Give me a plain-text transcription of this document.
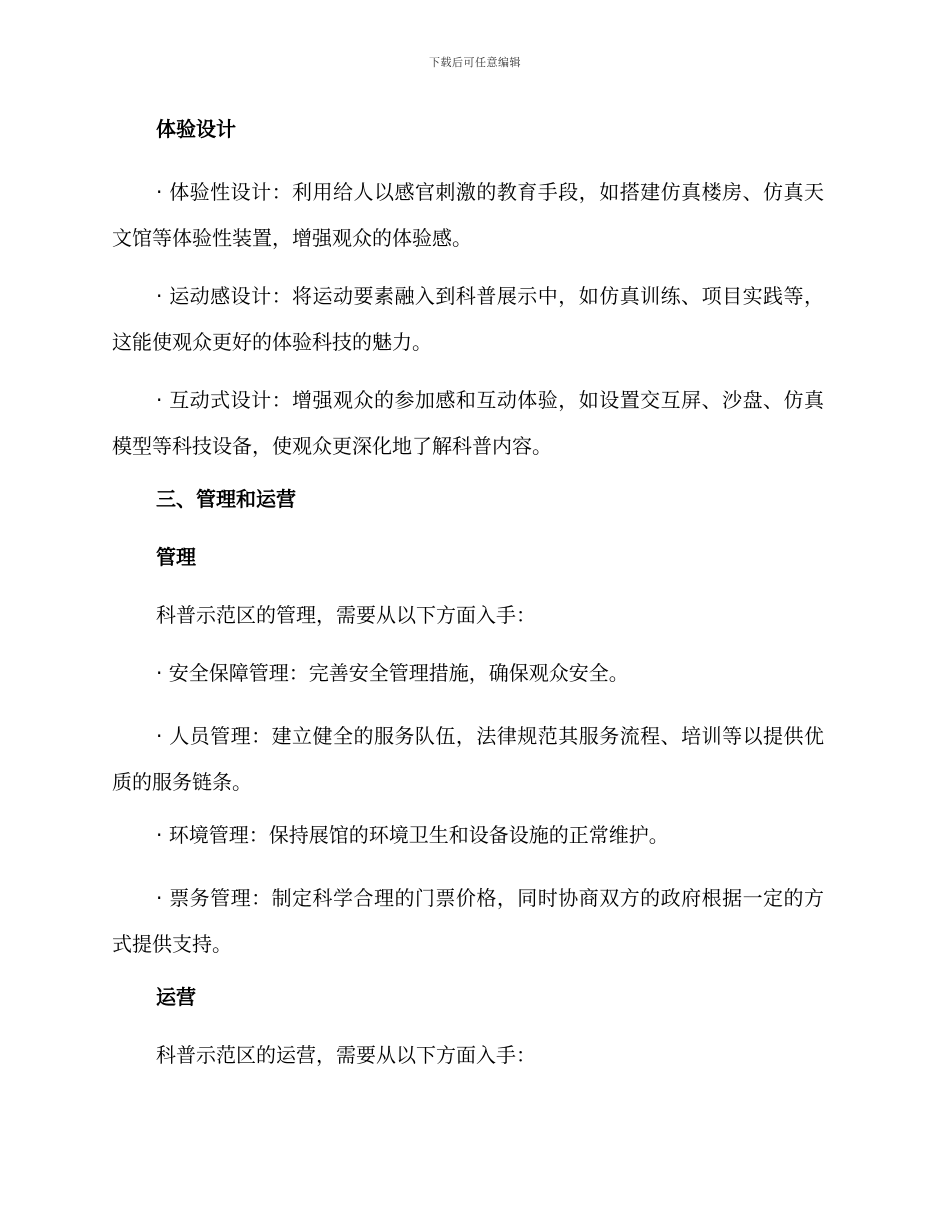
下载后可任意编辑
体验设计
· 体验性设计：利用给人以感官刺激的教育手段，如搭建仿真楼房、仿真天文馆等体验性装置，增强观众的体验感。
· 运动感设计：将运动要素融入到科普展示中，如仿真训练、项目实践等，这能使观众更好的体验科技的魅力。
· 互动式设计：增强观众的参加感和互动体验，如设置交互屏、沙盘、仿真模型等科技设备，使观众更深化地了解科普内容。
三、管理和运营
管理
科普示范区的管理，需要从以下方面入手：
· 安全保障管理：完善安全管理措施，确保观众安全。
· 人员管理：建立健全的服务队伍，法律规范其服务流程、培训等以提供优质的服务链条。
· 环境管理：保持展馆的环境卫生和设备设施的正常维护。
· 票务管理：制定科学合理的门票价格，同时协商双方的政府根据一定的方式提供支持。
运营
科普示范区的运营，需要从以下方面入手：
